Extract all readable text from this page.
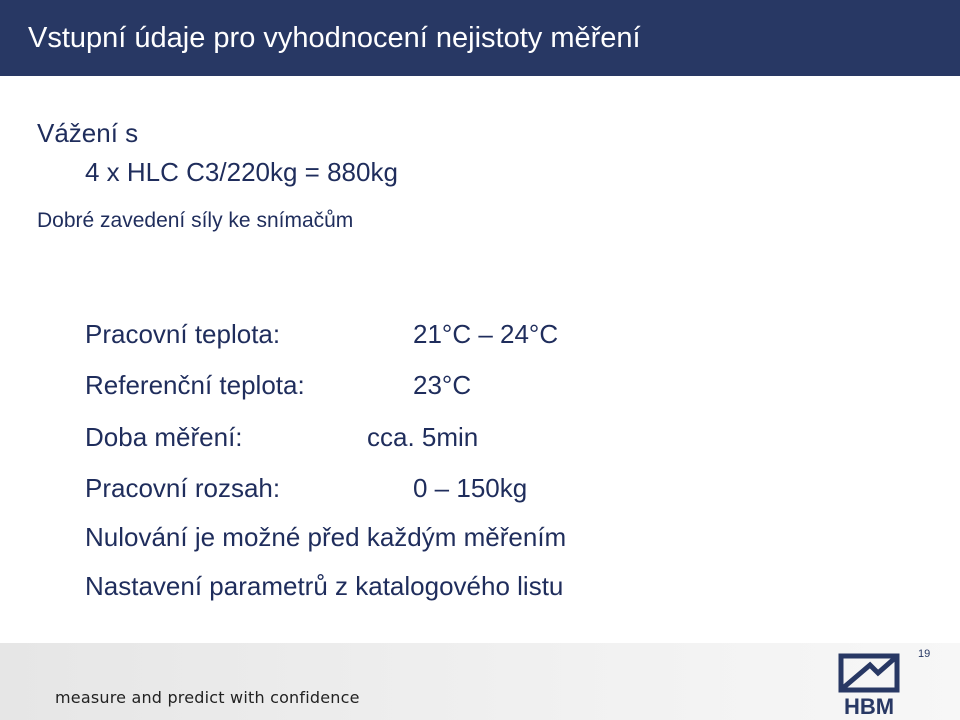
Vstupní údaje pro vyhodnocení nejistoty měření
Vážení s
4 x HLC C3/220kg = 880kg
Dobré zavedení síly ke snímačům
Pracovní teplota:	21°C – 24°C
Referenční teplota:	23°C
Doba měření:	cca. 5min
Pracovní rozsah:	0 – 150kg
Nulování je možné před každým měřením
Nastavení parametrů z katalogového listu
measure and predict with confidence	HBM
19
